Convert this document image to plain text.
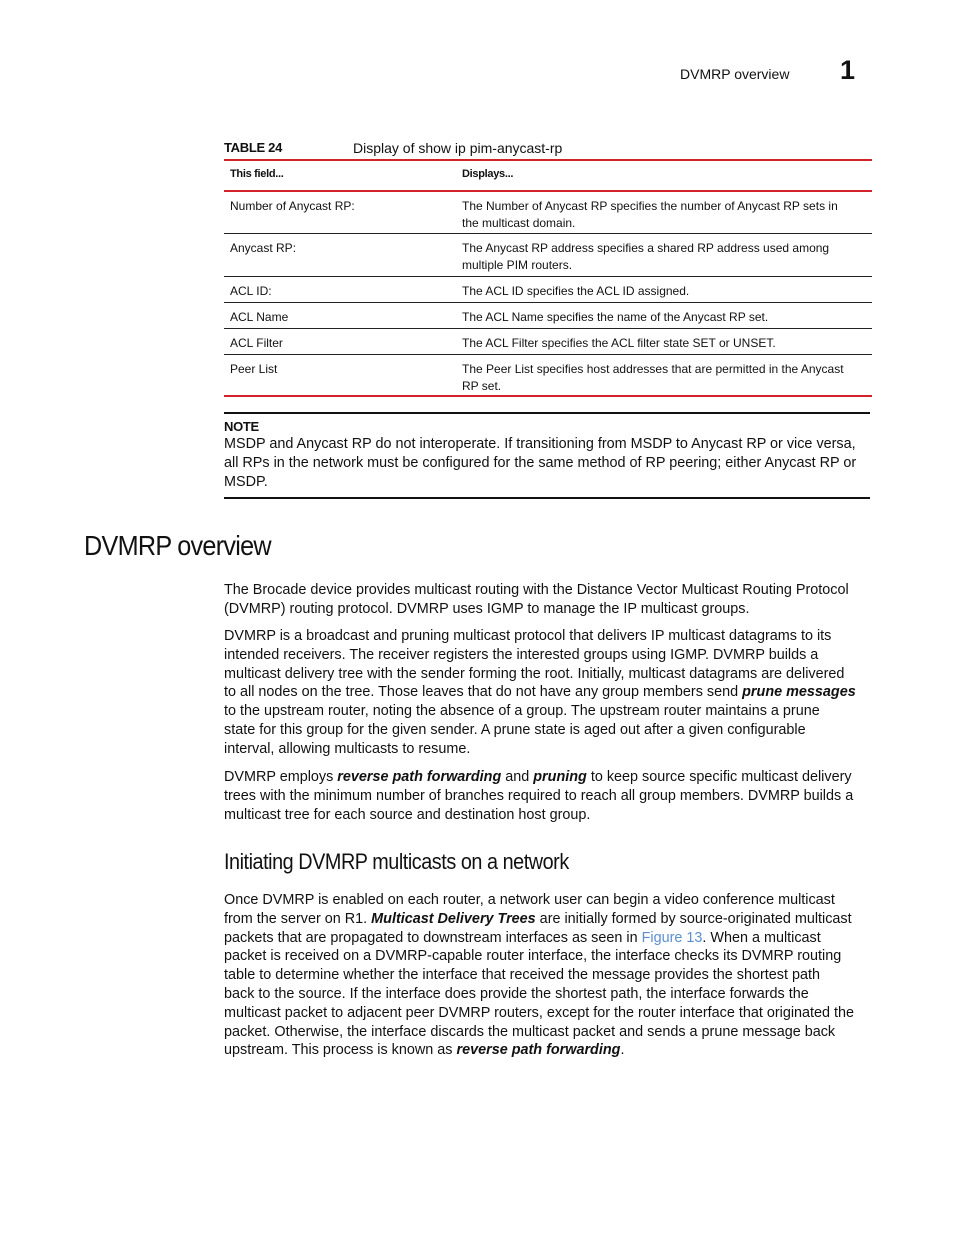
DVMRP overview 1
TABLE 24	Display of show ip pim-anycast-rp
This field...	Displays...
Number of Anycast RP:	The Number of Anycast RP specifies the number of Anycast RP sets in
the multicast domain.
Anycast RP:	The Anycast RP address specifies a shared RP address used among
multiple PIM routers.
ACL ID:	The ACL ID specifies the ACL ID assigned.
ACL Name	The ACL Name specifies the name of the Anycast RP set.
ACL Filter	The ACL Filter specifies the ACL filter state SET or UNSET.
Peer List	The Peer List specifies host addresses that are permitted in the Anycast
RP set.
NOTE
MSDP and Anycast RP do not interoperate. If transitioning from MSDP to Anycast RP or vice versa,
all RPs in the network must be configured for the same method of RP peering; either Anycast RP or
MSDP.
DVMRP overview
The Brocade device provides multicast routing with the Distance Vector Multicast Routing Protocol
(DVMRP) routing protocol. DVMRP uses IGMP to manage the IP multicast groups.
DVMRP is a broadcast and pruning multicast protocol that delivers IP multicast datagrams to its
intended receivers. The receiver registers the interested groups using IGMP. DVMRP builds a
multicast delivery tree with the sender forming the root. Initially, multicast datagrams are delivered
to all nodes on the tree. Those leaves that do not have any group members send prune messages
to the upstream router, noting the absence of a group. The upstream router maintains a prune
state for this group for the given sender. A prune state is aged out after a given configurable
interval, allowing multicasts to resume.
DVMRP employs reverse path forwarding and pruning to keep source specific multicast delivery
trees with the minimum number of branches required to reach all group members. DVMRP builds a
multicast tree for each source and destination host group.
Initiating DVMRP multicasts on a network
Once DVMRP is enabled on each router, a network user can begin a video conference multicast
from the server on R1. Multicast Delivery Trees are initially formed by source-originated multicast
packets that are propagated to downstream interfaces as seen in Figure 13. When a multicast
packet is received on a DVMRP-capable router interface, the interface checks its DVMRP routing
table to determine whether the interface that received the message provides the shortest path
back to the source. If the interface does provide the shortest path, the interface forwards the
multicast packet to adjacent peer DVMRP routers, except for the router interface that originated the
packet. Otherwise, the interface discards the multicast packet and sends a prune message back
upstream. This process is known as reverse path forwarding.
